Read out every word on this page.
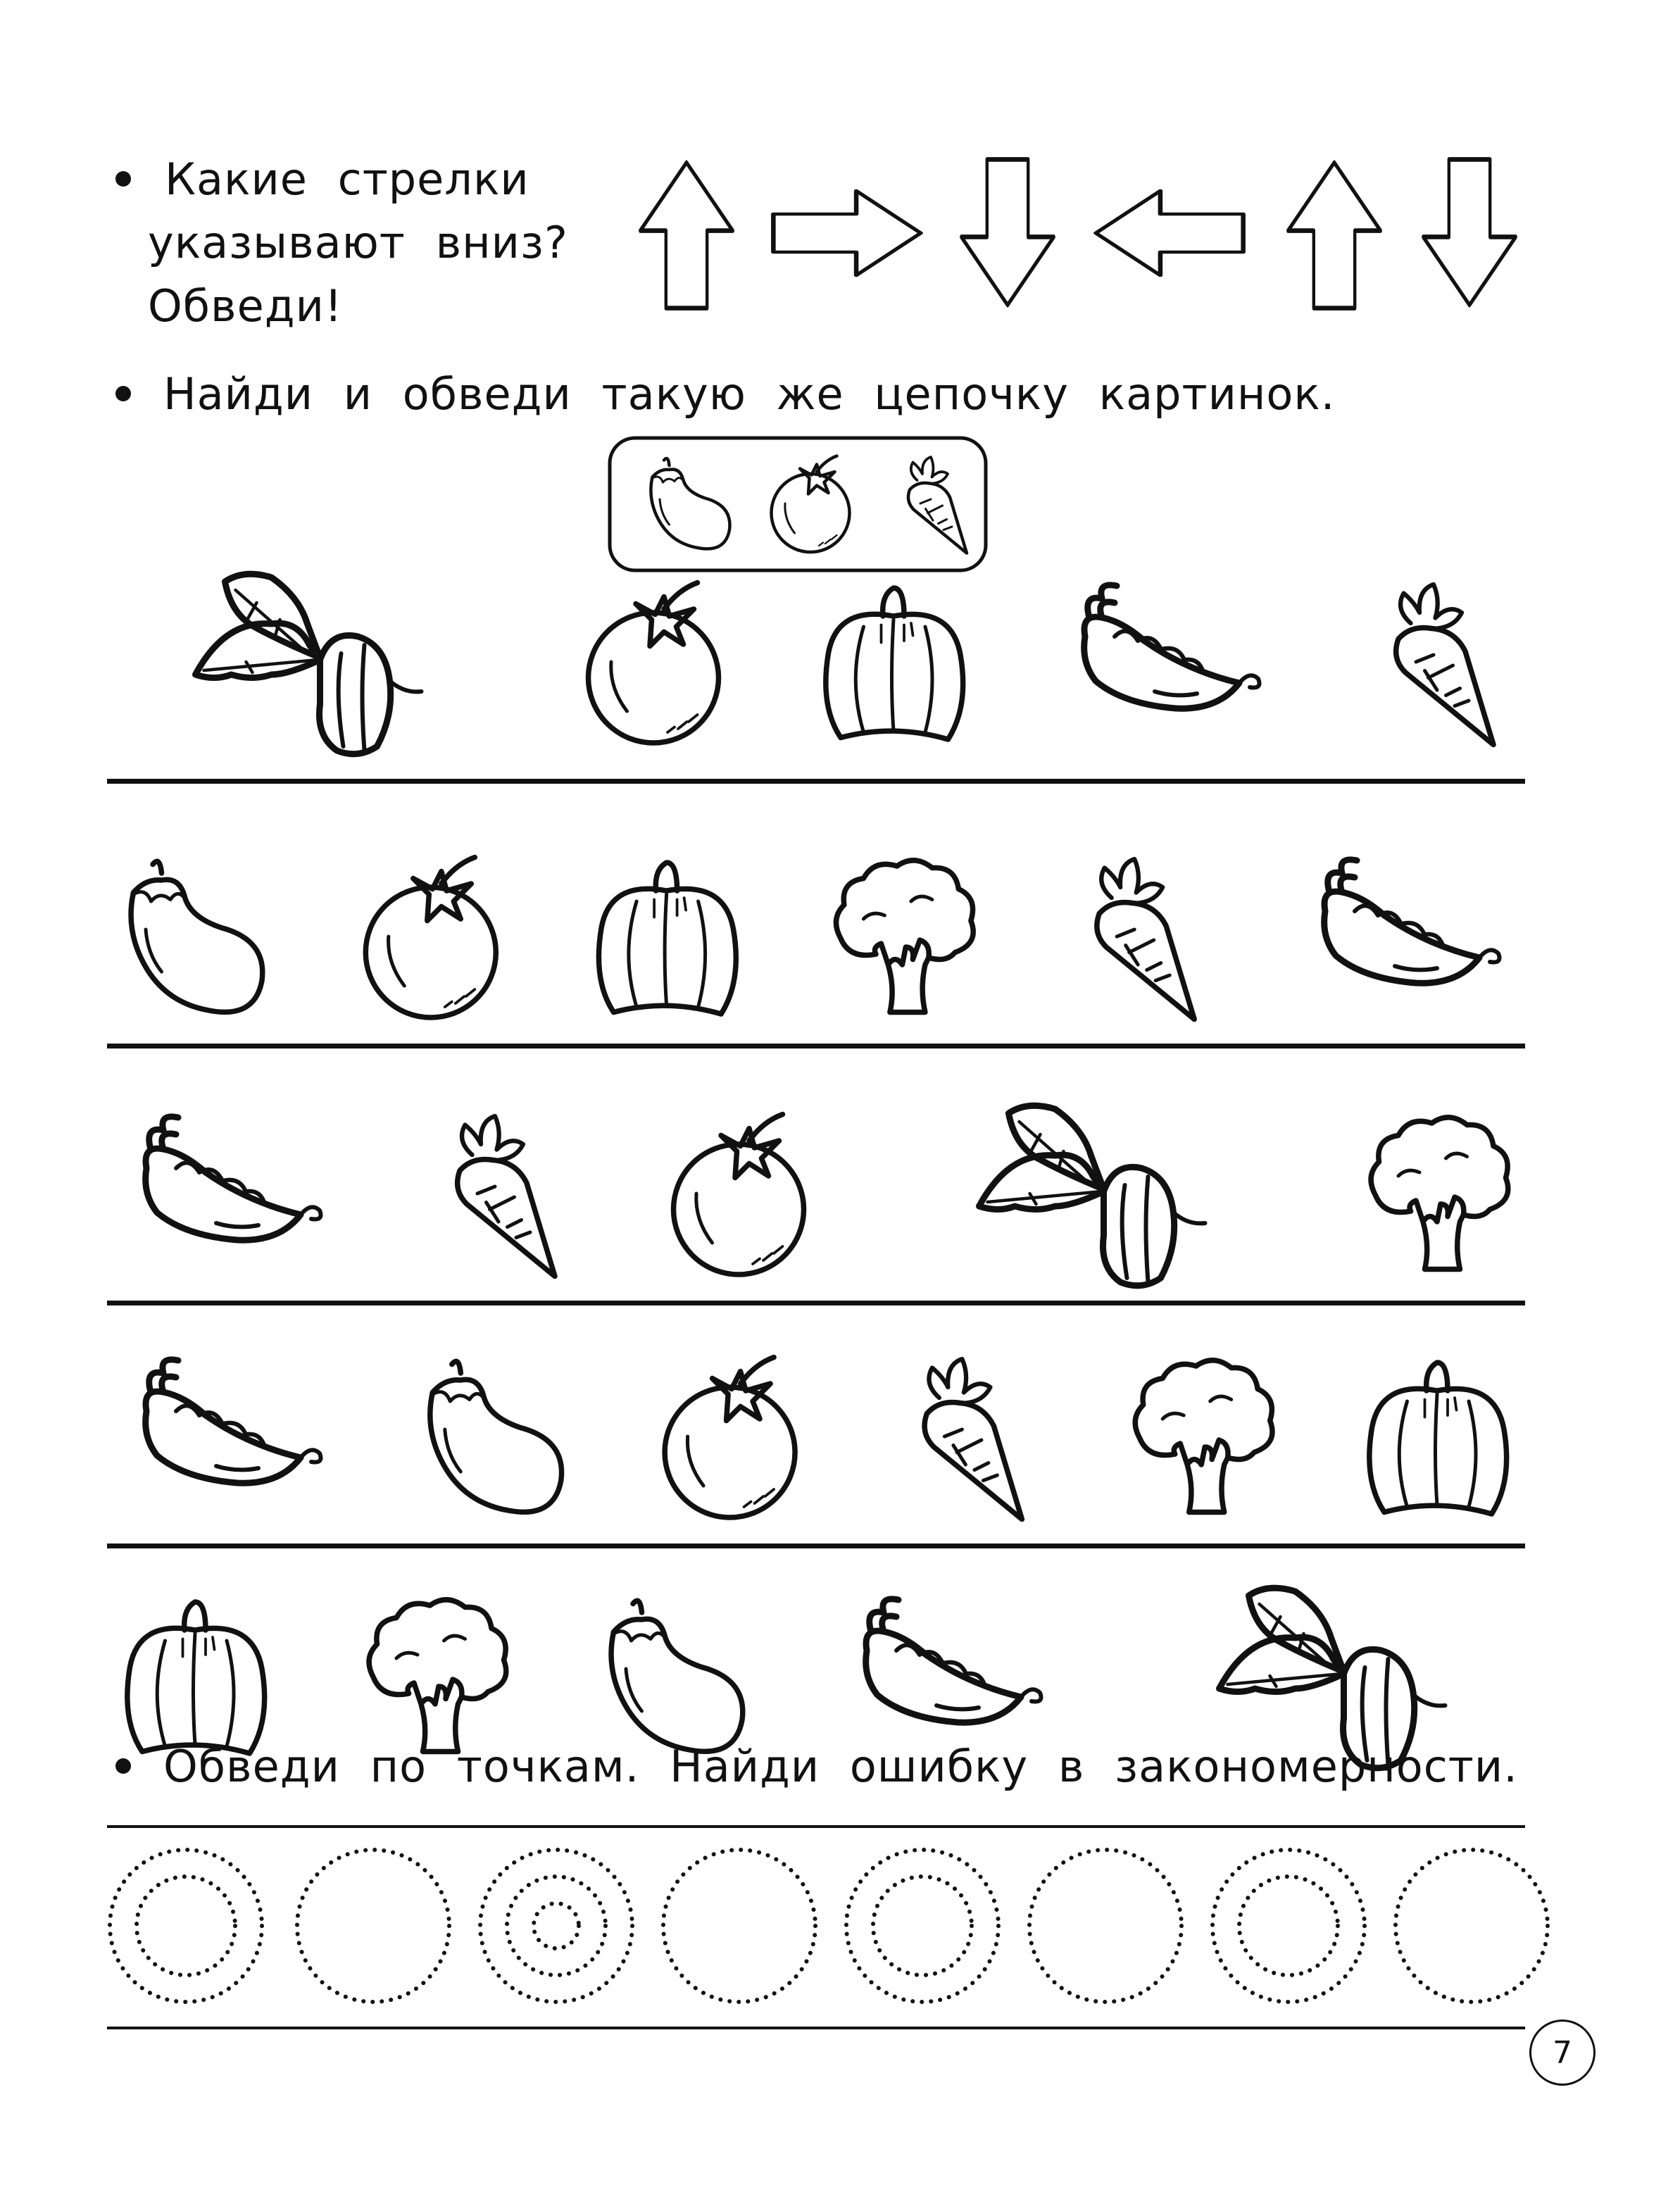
Какие стрелки
указывают вниз?
Обведи!
Найди и обведи такую же цепочку картинок.
Обведи по точкам. Найди ошибку в закономерности.
7
